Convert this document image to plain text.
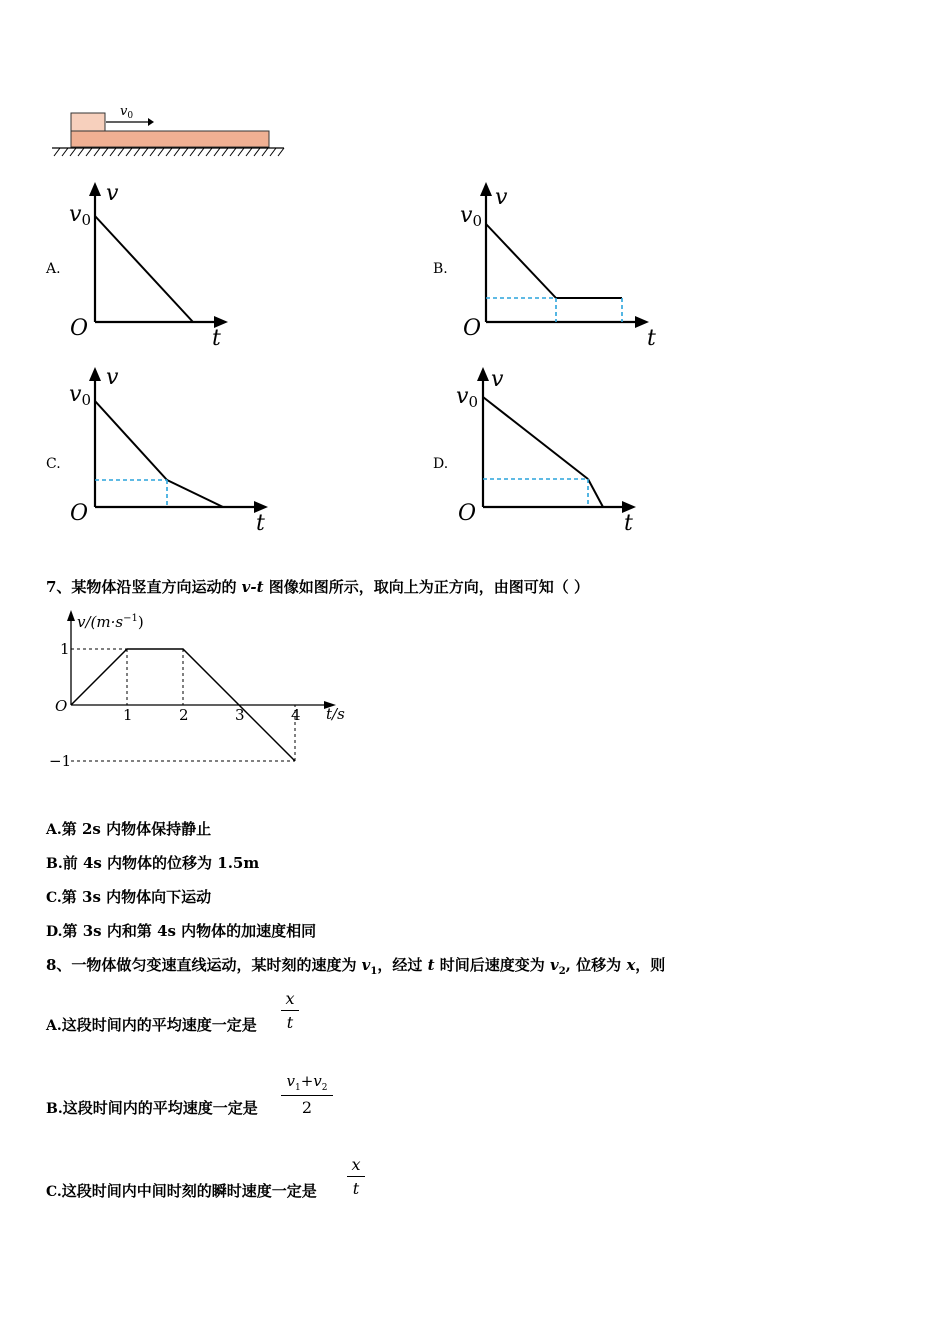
$v_0$
A.
v
v0
O	t
B.
v
v0
O	t
C.
v
v0
O	t
D.
v
v0
O	t
7、某物体沿竖直方向运动的 v-t 图像如图所示，取向上为正方向，由图可知（ ）
1	2	3	4
1
−1
$v/(m\cdot s^{-1})$
t/s
O
A.第 2s 内物体保持静止
B.前 4s 内物体的位移为 1.5m
C.第 3s 内物体向下运动
D.第 3s 内和第 4s 内物体的加速度相同
8、一物体做匀变速直线运动，某时刻的速度为 $v_1$，经过 t 时间后速度变为 $v_2$, 位移为 x，则
A.这段时间内的平均速度一定是
x
t
B.这段时间内的平均速度一定是
$v_1+v_2$
2
C.这段时间内中间时刻的瞬时速度一定是
x
t
